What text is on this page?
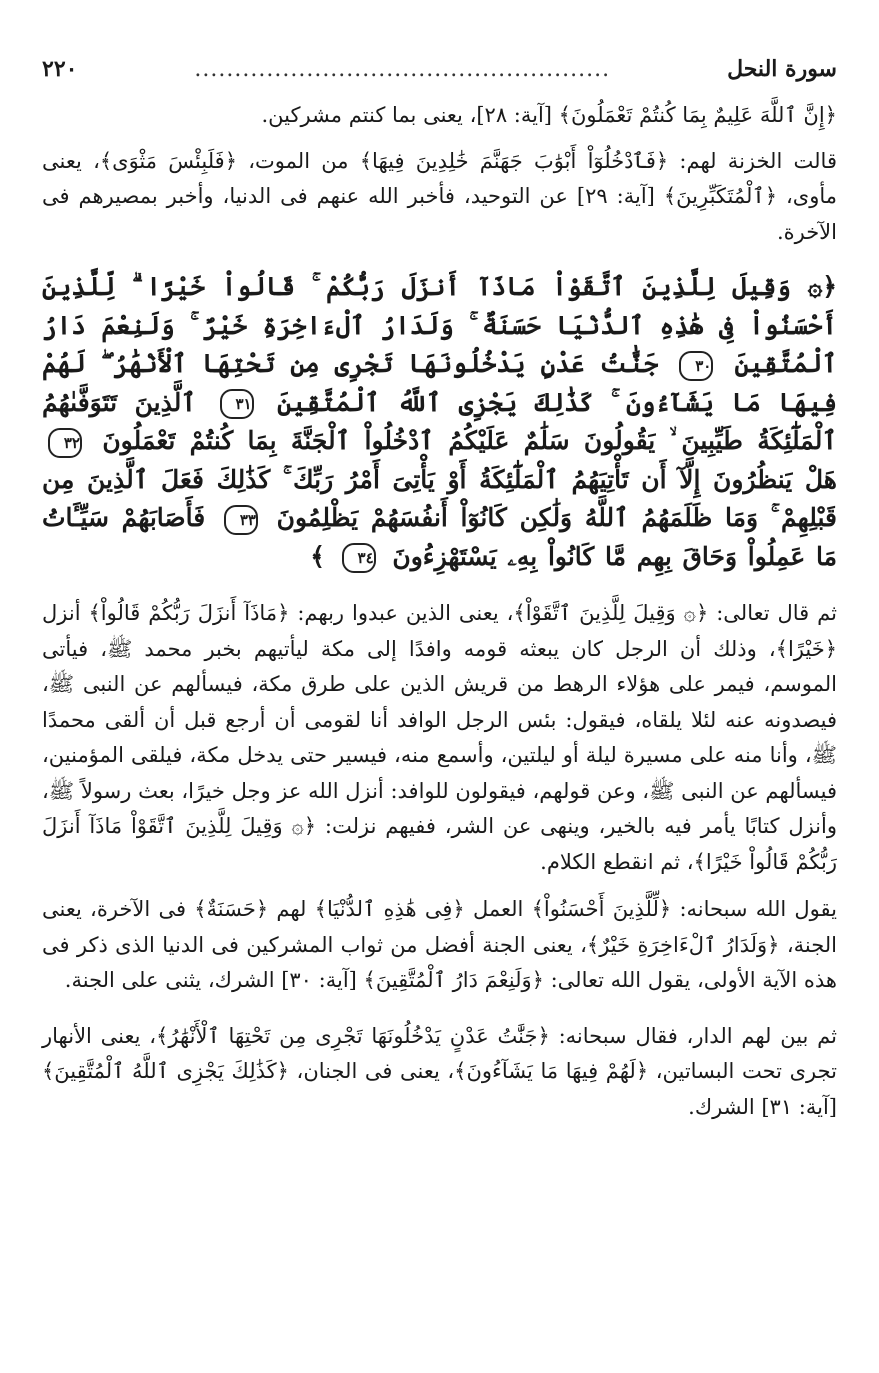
سورة النحل
....................................................
٢٢٠

﴿إِنَّ ٱللَّهَ عَلِيمٌ بِمَا كُنتُمْ تَعْمَلُونَ﴾ [آية: ٢٨]، يعنى بما كنتم مشركين.

قالت الخزنة لهم: ﴿فَٱدْخُلُوٓاْ أَبْوَٰبَ جَهَنَّمَ خَٰلِدِينَ فِيهَا﴾ من الموت، ﴿فَلَبِئْسَ مَثْوَى﴾، يعنى مأوى، ﴿ٱلْمُتَكَبِّرِينَ﴾ [آية: ٢٩] عن التوحيد، فأخبر الله عنهم فى الدنيا، وأخبر بمصيرهم فى الآخرة.

﴿۞ وَقِيلَ لِلَّذِينَ ٱتَّقَوْاْ مَاذَآ أَنزَلَ رَبُّكُمْ ۚ قَالُواْ خَيْرًا ۗ لِّلَّذِينَ أَحْسَنُواْ فِى هَٰذِهِ ٱلدُّنْيَا حَسَنَةٌ ۚ وَلَدَارُ ٱلْءَاخِرَةِ خَيْرٌ ۚ وَلَنِعْمَ دَارُ ٱلْمُتَّقِينَ ٣٠ جَنَّٰتُ عَدْنٍ يَدْخُلُونَهَا تَجْرِى مِن تَحْتِهَا ٱلْأَنْهَٰرُ ۖ لَهُمْ فِيهَا مَا يَشَآءُونَ ۚ كَذَٰلِكَ يَجْزِى ٱللَّهُ ٱلْمُتَّقِينَ ٣١ ٱلَّذِينَ تَتَوَفَّىٰهُمُ ٱلْمَلَٰٓئِكَةُ طَيِّبِينَ ۙ يَقُولُونَ سَلَٰمٌ عَلَيْكُمُ ٱدْخُلُواْ ٱلْجَنَّةَ بِمَا كُنتُمْ تَعْمَلُونَ ٣٢ هَلْ يَنظُرُونَ إِلَّآ أَن تَأْتِيَهُمُ ٱلْمَلَٰٓئِكَةُ أَوْ يَأْتِىَ أَمْرُ رَبِّكَ ۚ كَذَٰلِكَ فَعَلَ ٱلَّذِينَ مِن قَبْلِهِمْ ۚ وَمَا ظَلَمَهُمُ ٱللَّهُ وَلَٰكِن كَانُوٓاْ أَنفُسَهُمْ يَظْلِمُونَ ٣٣ فَأَصَابَهُمْ سَيِّـَٔاتُ مَا عَمِلُواْ وَحَاقَ بِهِم مَّا كَانُواْ بِهِۦ يَسْتَهْزِءُونَ ٣٤ ﴾

ثم قال تعالى: ﴿۞ وَقِيلَ لِلَّذِينَ ٱتَّقَوْاْ﴾، يعنى الذين عبدوا ربهم: ﴿مَاذَآ أَنزَلَ رَبُّكُمْ قَالُواْ﴾ أنزل ﴿خَيْرًا﴾، وذلك أن الرجل كان يبعثه قومه وافدًا إلى مكة ليأتيهم بخبر محمد ﷺ، فيأتى الموسم، فيمر على هؤلاء الرهط من قريش الذين على طرق مكة، فيسألهم عن النبى ﷺ، فيصدونه عنه لئلا يلقاه، فيقول: بئس الرجل الوافد أنا لقومى أن أرجع قبل أن ألقى محمدًا ﷺ، وأنا منه على مسيرة ليلة أو ليلتين، وأسمع منه، فيسير حتى يدخل مكة، فيلقى المؤمنين، فيسألهم عن النبى ﷺ، وعن قولهم، فيقولون للوافد: أنزل الله عز وجل خيرًا، بعث رسولاً ﷺ، وأنزل كتابًا يأمر فيه بالخير، وينهى عن الشر، ففيهم نزلت: ﴿۞ وَقِيلَ لِلَّذِينَ ٱتَّقَوْاْ مَاذَآ أَنزَلَ رَبُّكُمْ قَالُواْ خَيْرًا﴾، ثم انقطع الكلام.

يقول الله سبحانه: ﴿لِّلَّذِينَ أَحْسَنُواْ﴾ العمل ﴿فِى هَٰذِهِ ٱلدُّنْيَا﴾ لهم ﴿حَسَنَةٌ﴾ فى الآخرة، يعنى الجنة، ﴿وَلَدَارُ ٱلْءَاخِرَةِ خَيْرٌ﴾، يعنى الجنة أفضل من ثواب المشركين فى الدنيا الذى ذكر فى هذه الآية الأولى، يقول الله تعالى: ﴿وَلَنِعْمَ دَارُ ٱلْمُتَّقِينَ﴾ [آية: ٣٠] الشرك، يثنى على الجنة.

ثم بين لهم الدار، فقال سبحانه: ﴿جَنَّٰتُ عَدْنٍ يَدْخُلُونَهَا تَجْرِى مِن تَحْتِهَا ٱلْأَنْهَٰرُ﴾، يعنى الأنهار تجرى تحت البساتين، ﴿لَهُمْ فِيهَا مَا يَشَآءُونَ﴾، يعنى فى الجنان، ﴿كَذَٰلِكَ يَجْزِى ٱللَّهُ ٱلْمُتَّقِينَ﴾ [آية: ٣١] الشرك.
